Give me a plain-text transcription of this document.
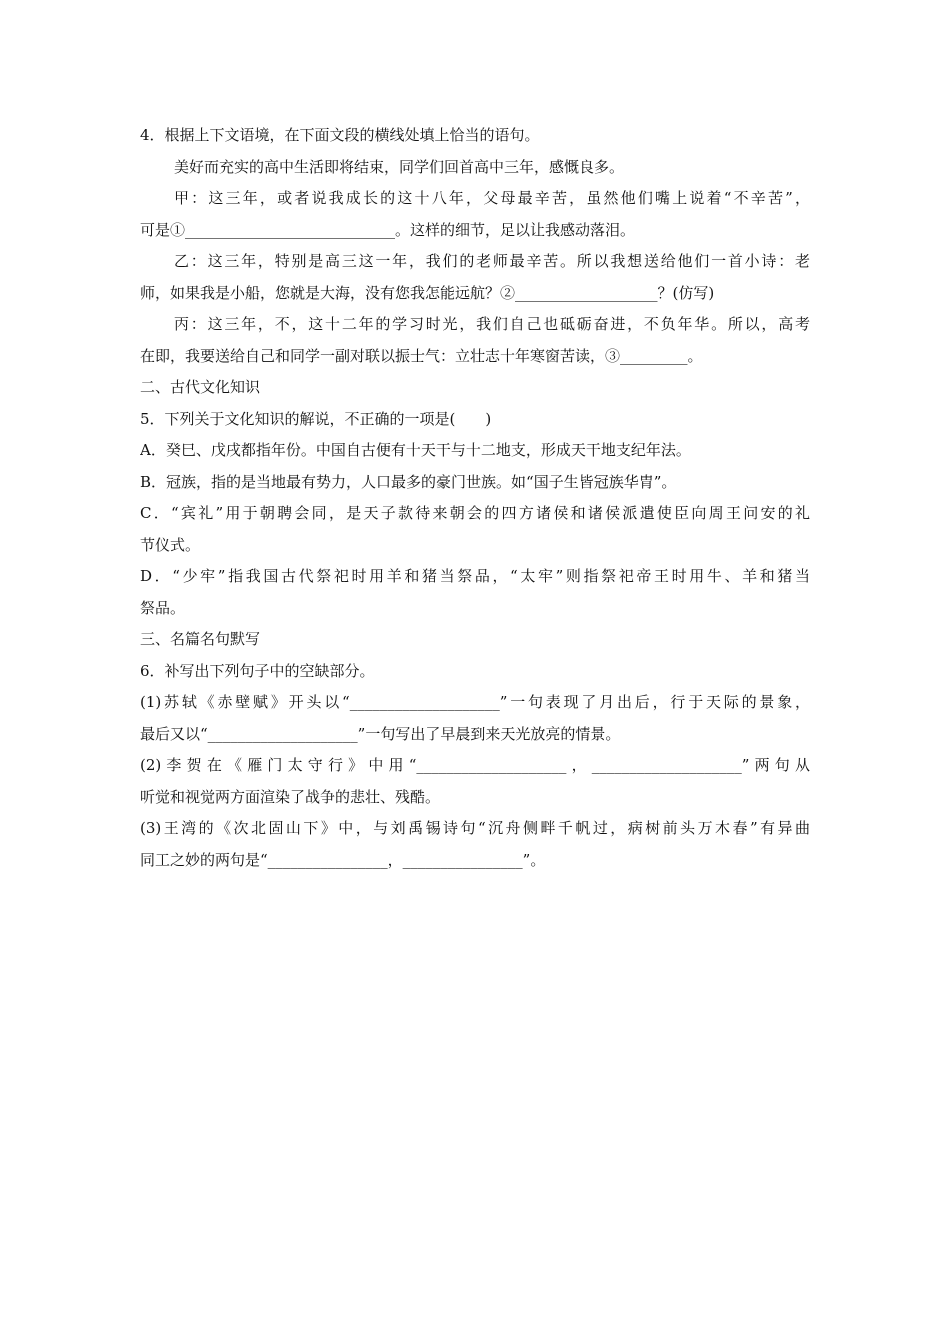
4．根据上下文语境，在下面文段的横线处填上恰当的语句。
美好而充实的高中生活即将结束，同学们回首高中三年，感慨良多。
甲：这三年，或者说我成长的这十八年，父母最辛苦，虽然他们嘴上说着“不辛苦”，
可是①____________________________。这样的细节，足以让我感动落泪。
乙：这三年，特别是高三这一年，我们的老师最辛苦。所以我想送给他们一首小诗：老
师，如果我是小船，您就是大海，没有您我怎能远航？②___________________？(仿写)
丙：这三年，不，这十二年的学习时光，我们自己也砥砺奋进，不负年华。所以，高考
在即，我要送给自己和同学一副对联以振士气：立壮志十年寒窗苦读，③_________。
二、古代文化知识
5．下列关于文化知识的解说，不正确的一项是(　　)
A．癸巳、戊戌都指年份。中国自古便有十天干与十二地支，形成天干地支纪年法。
B．冠族，指的是当地最有势力，人口最多的豪门世族。如“国子生皆冠族华胄”。
C．“宾礼”用于朝聘会同，是天子款待来朝会的四方诸侯和诸侯派遣使臣向周王问安的礼
节仪式。
D．“少牢”指我国古代祭祀时用羊和猪当祭品，“太牢”则指祭祀帝王时用牛、羊和猪当
祭品。
三、名篇名句默写
6．补写出下列句子中的空缺部分。
(1)苏轼《赤壁赋》开头以“____________________”一句表现了月出后，行于天际的景象，
最后又以“____________________”一句写出了早晨到来天光放亮的情景。
(2)李贺在《雁门太守行》中用“____________________，____________________”两句从
听觉和视觉两方面渲染了战争的悲壮、残酷。
(3)王湾的《次北固山下》中，与刘禹锡诗句“沉舟侧畔千帆过，病树前头万木春”有异曲
同工之妙的两句是“________________，________________”。
